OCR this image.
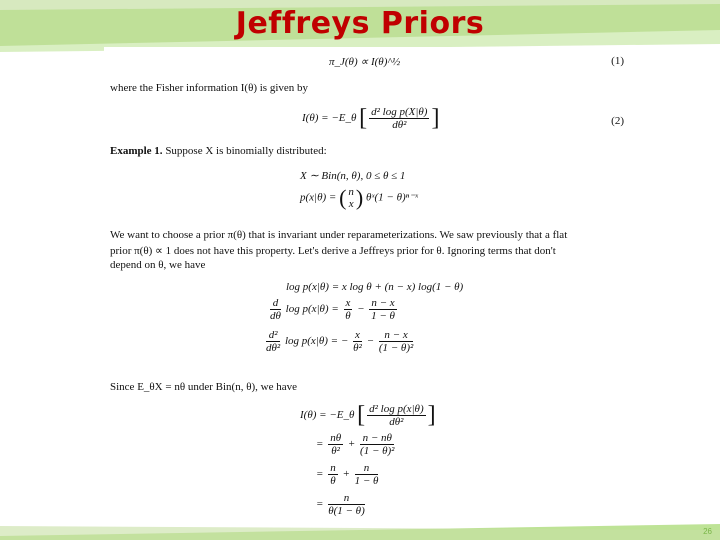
Jeffreys Priors
π_J(θ) ∝ I(θ)^½	(1)
where the Fisher information I(θ) is given by
I(θ) = −E_θ [ $\frac{\text{d² log p(X|θ)}}{\text{dθ²}}$ ]	(2)
Example 1. Suppose X is binomially distributed:
X ∼ Bin(n, θ), 0 ≤ θ ≤ 1
p(x|θ) = ( n
x ) θˣ(1 − θ)ⁿ⁻ˣ
We want to choose a prior π(θ) that is invariant under reparameterizations. We saw previously that a flat
prior π(θ) ∝ 1 does not have this property. Let's derive a Jeffreys prior for θ. Ignoring terms that don't
depend on θ, we have
log p(x|θ) = x log θ + (n − x) log(1 − θ)
$\frac{d}{d\theta}$ $\log p(x|\theta) = \frac{x}{\theta} - \frac{n - x}{1 - \theta}$
$\frac{\text{d²}}{\text{dθ²}}$ log p(x|θ) = − $\frac{x}{\text{θ²}} - \frac{n - x}{\text{(1 − θ)²}}$
Since E_θX = nθ under Bin(n, θ), we have
I(θ) = −E_θ [ $\frac{\text{d² log p(x|θ)}}{\text{dθ²}}$ ]
= $\frac{n\theta}{\text{θ²}} + \frac{n - n\theta}{\text{(1 − θ)²}}$
= $\frac{n}{\theta} + \frac{n}{1 - \theta}$
= $\frac{n}{\theta(1 - \theta)}$
26
